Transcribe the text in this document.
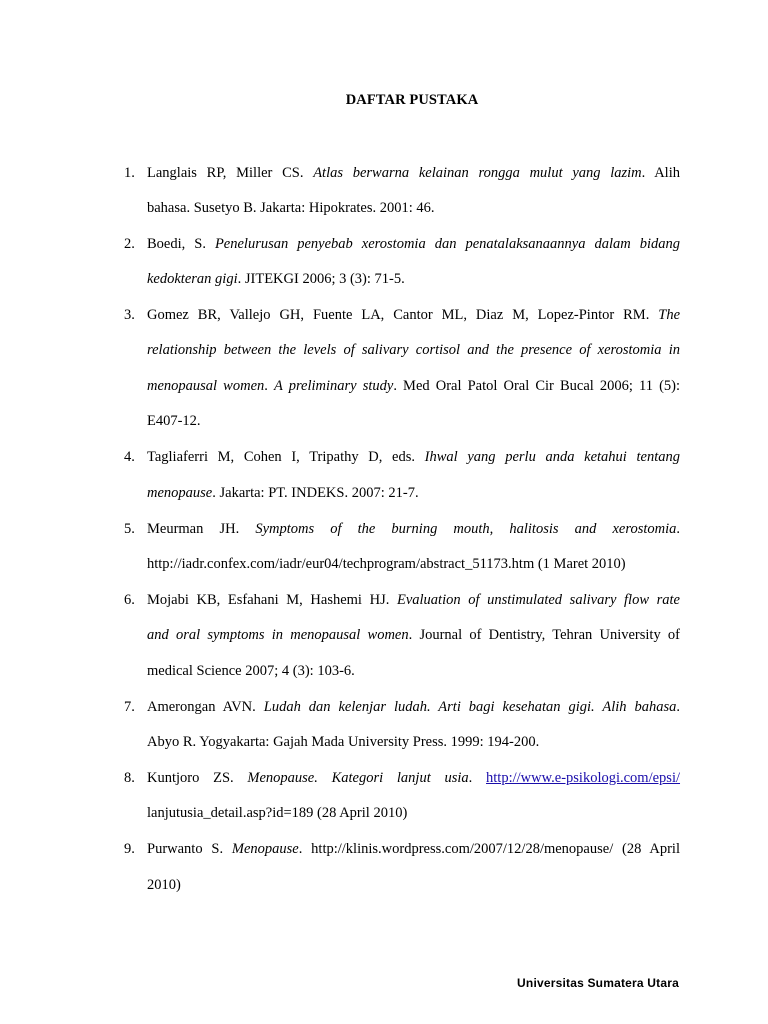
DAFTAR PUSTAKA
1. Langlais RP, Miller CS. Atlas berwarna kelainan rongga mulut yang lazim. Alih
bahasa. Susetyo B. Jakarta: Hipokrates. 2001: 46.
2. Boedi, S. Penelurusan penyebab xerostomia dan penatalaksanaannya dalam bidang
kedokteran gigi. JITEKGI 2006; 3 (3): 71-5.
3. Gomez BR, Vallejo GH, Fuente LA, Cantor ML, Diaz M, Lopez-Pintor RM. The
relationship between the levels of salivary cortisol and the presence of xerostomia in
menopausal women. A preliminary study. Med Oral Patol Oral Cir Bucal 2006; 11 (5):
E407-12.
4. Tagliaferri M, Cohen I, Tripathy D, eds. Ihwal yang perlu anda ketahui tentang
menopause. Jakarta: PT. INDEKS. 2007: 21-7.
5. Meurman JH. Symptoms of the burning mouth, halitosis and xerostomia.
http://iadr.confex.com/iadr/eur04/techprogram/abstract_51173.htm (1 Maret 2010)
6. Mojabi KB, Esfahani M, Hashemi HJ. Evaluation of unstimulated salivary flow rate
and oral symptoms in menopausal women. Journal of Dentistry, Tehran University of
medical Science 2007; 4 (3): 103-6.
7. Amerongan AVN. Ludah dan kelenjar ludah. Arti bagi kesehatan gigi. Alih bahasa.
Abyo R. Yogyakarta: Gajah Mada University Press. 1999: 194-200.
8. Kuntjoro ZS. Menopause. Kategori lanjut usia. http://www.e-psikologi.com/epsi/
lanjutusia_detail.asp?id=189 (28 April 2010)
9. Purwanto S. Menopause. http://klinis.wordpress.com/2007/12/28/menopause/ (28 April
2010)
Universitas Sumatera Utara
